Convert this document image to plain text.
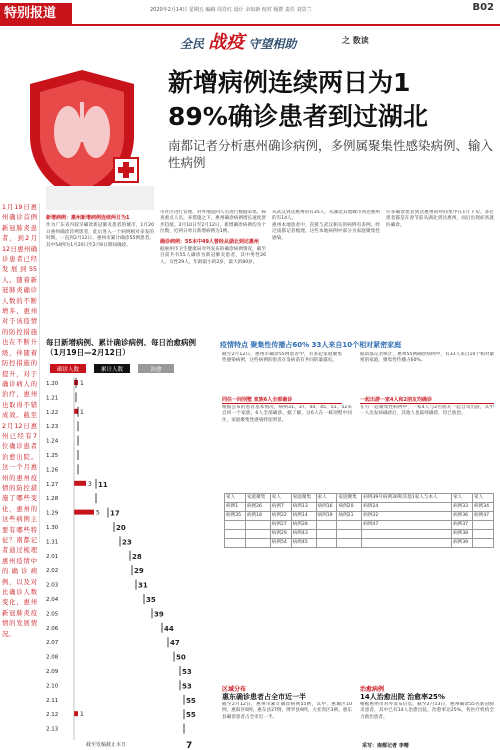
特别报道	2020年2月14日 星期五 编辑 周肖红 设计 余如新 校对 杨群 责任 刘景兰	B02
全民 战疫 守望相助	之 数读
新增病例连续两日为1
89%确诊患者到过湖北
南都记者分析惠州确诊病例，多例属聚集性感染病例、输入性病例

1月19日惠州确诊首例新冠肺炎患者，到2月12日惠州确诊患者已经发展到55人。随着新冠肺炎确诊人数的不断增多，惠州对于该疫情的防控措施也在不断升级，伴随着防控措施的提升，对于确诊病人的治疗，惠州也取得不错成效。截至2月12日惠州已经有7位确诊患者治愈出院。这一个月惠州的惠州疫情的防控措施了哪些变化，惠州的这些病例主要有哪些特征？南都记者通过梳理惠州疫情中的确诊病例，以及对比确诊人数变化，惠州新冠肺炎疫情的发展情况。

新增病例：惠州新增病例连续两日为1
作为广东省内较早确诊新冠肺炎患者的城市，1月20日惠州确诊首例患者，此后进入一个病例相对多发的时期。一直到2月12日，惠州市累计确诊55例患者，其中54例为1月20日至2月6日期间确诊。
市社区进行管理，对外地返回人员进行数据采集、筛查重点人员。多措施之下，惠州确诊病例增长速度逐步趋缓。2月10日至2月12日，新增确诊病例均为个位数，近两日单日新增病例为1例。
确诊病例：55本中49人曾经从湖北到达惠州
据惠州市卫生健康局对外发布的确诊病例情况，截至目前共有55人确诊为新冠肺炎患者，其中男性26人，女性29人，年龄最小的2岁，最大的80岁。
从武汉到达惠州的有35人，从湖北其他城市到达惠州的有14人。
惠州本地患者中，直接与武汉相关的病例有多例。经过南都记者梳理，这些本地病例中部分为家庭聚集性感染。
许多确诊患者到达惠州的时间集中在1月下旬。多位患者都是在春节前从湖北到达惠州，而后出现症状就医确诊。
每日新增病例、累计确诊病例、每日治愈病例（1月19日—2月12日）
确诊人数	累计人数	治愈
1.20	1
1.21
1.22	1
1.23
1.24
1.25
1.26
1.27	3 11
1.28
1.29	5 17
1.30	20
1.31	23
2.01	28
2.02	29
2.03	31
2.04	35
2.05	39
2.06	44
2.07	47
2.08	50
2.09	53
2.10	53
2.11	55
2.12	1	55
2.13
截至发稿截止本日	7
疫情特点 聚集性传播占60% 33人来自10个相对紧密家庭
截至2月12日，惠州市确诊55例患者中，有多起家庭聚集性感染病例，这些病例的患者在发病前有共同的暴露史。
据南都记者统计，惠州55例确诊病例中，有33人来自10个相对紧密的家庭，聚集性传播占60%。
同住一间别墅 家族6人全部确诊	一起出游一家4人和2朋友均确诊
根据公布的患者基本情况，病例31、37、44、45、51、52来自同一个家族，6人全部确诊。据了解，这6人在一栋别墅中同住，家庭聚集性感染特征明显。
在另一起聚集性病例中，一家4人与2名朋友一起自驾出游，其中一人先发病确诊后，其他人也陆续确诊，均已收治。
家人	家庭聚集	家人	家庭聚集	家人	家庭聚集	病例39号病例30和其他1家人与本人	家人	家人
病例1	病例26	病例7	病例13	病例16	病例20	病例24	病例33	病例34
病例35	病例18	病例22	病例14	病例19	病例21	病例32	病例36	病例47
		病例27	病例28			病例47	病例37	
		病例29	病例43				病例38	
		病例54	病例45				病例39	
区域分布
惠东确诊患者占全市近一半
截至2月12日，惠州市累计确诊病例55例，其中，惠城区10例，惠阳区6例，惠东县27例，博罗县9例，大亚湾区3例。惠东县确诊患者占全市近一半。
治愈病例
14人治愈出院 治愈率25%
根据惠州市对外发布信息，截至2月13日，惠州确诊55名新冠肺炎患者，其中已有14人治愈出院，治愈率达25%。各医疗机构全力救治患者。
采写：南都记者 李晴
